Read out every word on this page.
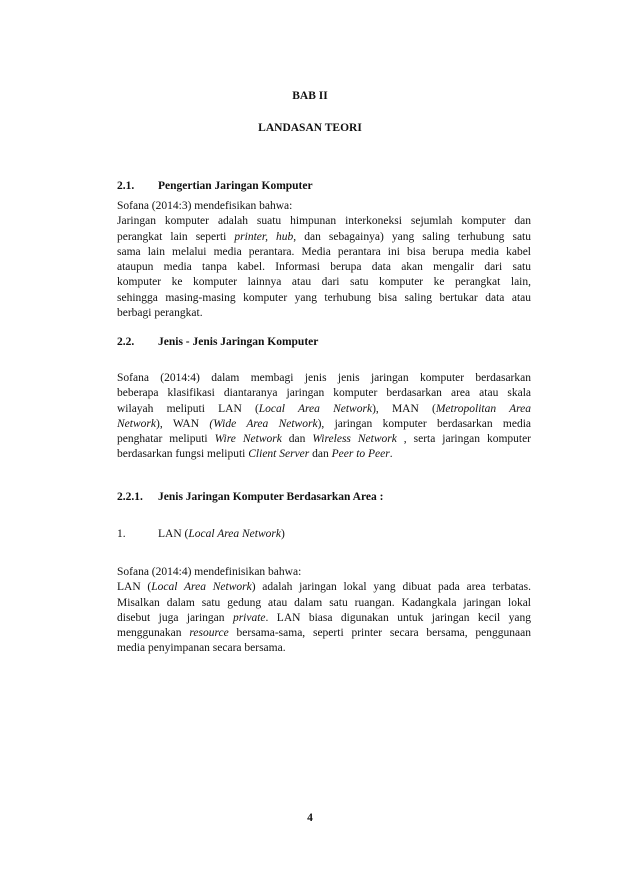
BAB II
LANDASAN TEORI
2.1. Pengertian Jaringan Komputer
Sofana (2014:3) mendefisikan bahwa:
Jaringan komputer adalah suatu himpunan interkoneksi sejumlah komputer dan
perangkat lain seperti printer, hub, dan sebagainya) yang saling terhubung satu
sama lain melalui media perantara. Media perantara ini bisa berupa media kabel
ataupun media tanpa kabel. Informasi berupa data akan mengalir dari satu
komputer ke komputer lainnya atau dari satu komputer ke perangkat lain,
sehingga masing-masing komputer yang terhubung bisa saling bertukar data atau
berbagi perangkat.
2.2. Jenis - Jenis Jaringan Komputer
Sofana (2014:4) dalam membagi jenis jenis jaringan komputer berdasarkan
beberapa klasifikasi diantaranya jaringan komputer berdasarkan area atau skala
wilayah meliputi LAN (Local Area Network), MAN (Metropolitan Area
Network), WAN (Wide Area Network), jaringan komputer berdasarkan media
penghatar meliputi Wire Network dan Wireless Network , serta jaringan komputer
berdasarkan fungsi meliputi Client Server dan Peer to Peer.
2.2.1. Jenis Jaringan Komputer Berdasarkan Area :
1.	LAN (Local Area Network)
Sofana (2014:4) mendefinisikan bahwa:
LAN (Local Area Network) adalah jaringan lokal yang dibuat pada area terbatas.
Misalkan dalam satu gedung atau dalam satu ruangan. Kadangkala jaringan lokal
disebut juga jaringan private. LAN biasa digunakan untuk jaringan kecil yang
menggunakan resource bersama-sama, seperti printer secara bersama, penggunaan
media penyimpanan secara bersama.
4
